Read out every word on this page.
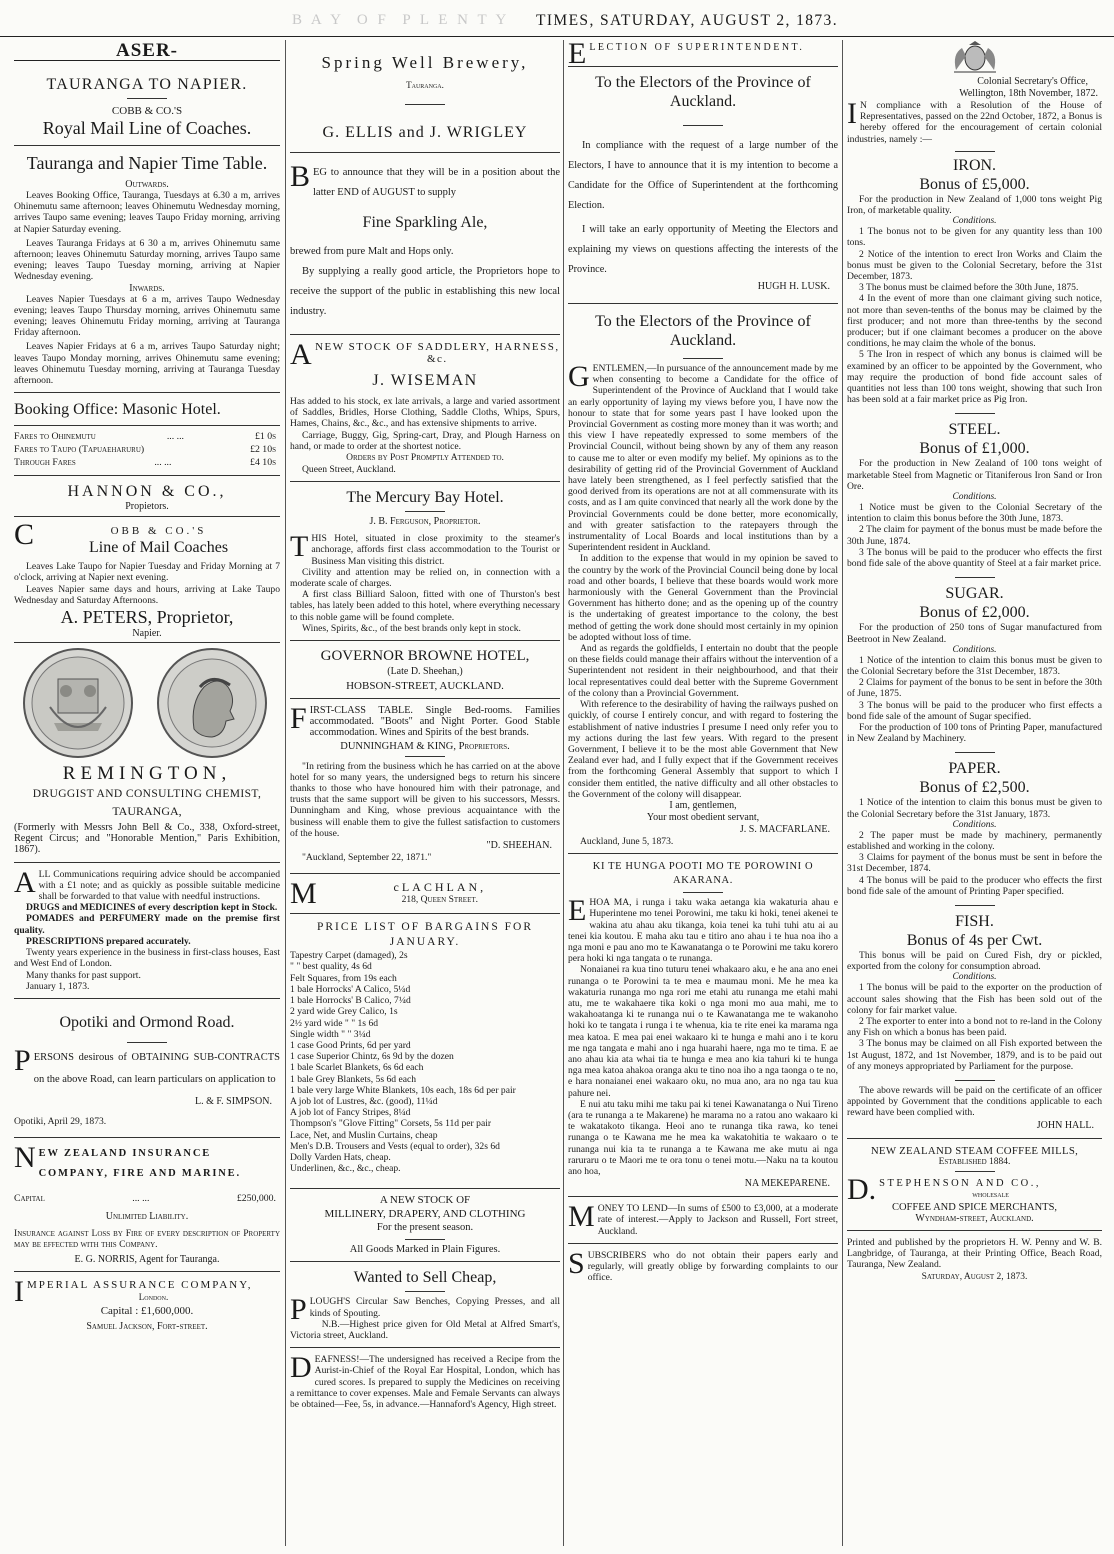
B A Y  O F  P L E N T Y TIMES, SATURDAY, AUGUST 2, 1873.
ASER-

TAURANGA TO NAPIER.

COBB & CO.'S

Royal Mail Line of Coaches.

Tauranga and Napier Time Table.

Outwards.

Leaves Booking Office, Tauranga, Tuesdays at 6.30 a m, arrives Ohinemutu same afternoon; leaves Ohinemutu Wednesday morning, arrives Taupo same evening; leaves Taupo Friday morning, arriving at Napier Saturday evening.

Leaves Tauranga Fridays at 6 30 a m, arrives Ohinemutu same afternoon; leaves Ohinemutu Saturday morning, arrives Taupo same evening; leaves Taupo Tuesday morning, arriving at Napier Wednesday evening.

Inwards.

Leaves Napier Tuesdays at 6 a m, arrives Taupo Wednesday evening; leaves Taupo Thursday morning, arrives Ohinemutu same evening; leaves Ohinemutu Friday morning, arriving at Tauranga Friday afternoon.

Leaves Napier Fridays at 6 a m, arrives Taupo Saturday night; leaves Taupo Monday morning, arrives Ohinemutu same evening; leaves Ohinemutu Tuesday morning, arriving at Tauranga Tuesday afternoon.

Booking Office: Masonic Hotel.

Fares to Ohinemutu	... ...	£1 0s
Fares to Taupo (Tapuaeharuru)	£2 10s
Through Fares	... ...	£4 10s

HANNON & CO.,

Propietors.

C	OBB & CO.'S

Line of Mail Coaches

Leaves Lake Taupo for Napier Tuesday and Friday Morning at 7 o'clock, arriving at Napier next evening.

Leaves Napier same days and hours, arriving at Lake Taupo Wednesday and Saturday Afternoons.

A. PETERS, Proprietor,

Napier.

REMINGTON,

DRUGGIST AND CONSULTING CHEMIST,

TAURANGA,

(Formerly with Messrs John Bell & Co., 338, Oxford-street, Regent Circus; and "Honorable Mention," Paris Exhibition, 1867).

A LL Communications requiring advice should be accompanied with a £1 note; and as quickly as possible suitable medicine shall be forwarded to that value with needful instructions.

DRUGS and MEDICINES of every description kept in Stock.

POMADES and PERFUMERY made on the premise first quality.

PRESCRIPTIONS prepared accurately.

Twenty years experience in the business in first-class houses, East and West End of London.

Many thanks for past support.

January 1, 1873.

Opotiki and Ormond Road.

P ERSONS desirous of OBTAINING SUB-CONTRACTS on the above Road, can learn particulars on application to

L. & F. SIMPSON.

Opotiki, April 29, 1873.

N EW ZEALAND INSURANCE COMPANY, FIRE AND MARINE.

Capital	... ...	£250,000.

Unlimited Liability.

Insurance against Loss by Fire of every description of Property may be effected with this Company.

E. G. NORRIS, Agent for Tauranga.

I MPERIAL ASSURANCE COMPANY,

London.

Capital : £1,600,000.

Samuel Jackson, Fort-street.

Spring Well Brewery,

Tauranga.

G. ELLIS and J. WRIGLEY

B EG to announce that they will be in a position about the latter END of AUGUST to supply

Fine Sparkling Ale,

brewed from pure Malt and Hops only.

By supplying a really good article, the Proprietors hope to receive the support of the public in establishing this new local industry.

A NEW STOCK OF SADDLERY, HARNESS, &c.

J. WISEMAN

Has added to his stock, ex late arrivals, a large and varied assortment of Saddles, Bridles, Horse Clothing, Saddle Cloths, Whips, Spurs, Hames, Chains, &c., &c., and has extensive shipments to arrive.

Carriage, Buggy, Gig, Spring-cart, Dray, and Plough Harness on hand, or made to order at the shortest notice.

Orders by Post Promptly Attended to.

Queen Street, Auckland.

The Mercury Bay Hotel.

J. B. Ferguson, Proprietor.

T HIS Hotel, situated in close proximity to the steamer's anchorage, affords first class accommodation to the Tourist or Business Man visiting this district.

Civility and attention may be relied on, in connection with a moderate scale of charges.

A first class Billiard Saloon, fitted with one of Thurston's best tables, has lately been added to this hotel, where everything necessary to this noble game will be found complete.

Wines, Spirits, &c., of the best brands only kept in stock.

GOVERNOR BROWNE HOTEL,

(Late D. Sheehan,)

HOBSON-STREET, AUCKLAND.

F IRST-CLASS TABLE. Single Bed-rooms. Families accommodated. "Boots" and Night Porter. Good Stable accommodation. Wines and Spirits of the best brands.

DUNNINGHAM & KING, Proprietors.

"In retiring from the business which he has carried on at the above hotel for so many years, the undersigned begs to return his sincere thanks to those who have honoured him with their patronage, and trusts that the same support will be given to his successors, Messrs. Dunningham and King, whose previous acquaintance with the business will enable them to give the fullest satisfaction to customers of the house.

"D. SHEEHAN.

"Auckland, September 22, 1871."

M	cLACHLAN,

218, Queen Street.

PRICE LIST OF BARGAINS FOR JANUARY.

Tapestry Carpet (damaged), 2s

" " best quality, 4s 6d

Felt Squares, from 19s each

1 bale Horrocks' A Calico, 5¼d

1 bale Horrocks' B Calico, 7¼d

2 yard wide Grey Calico, 1s

2½ yard wide " " 1s 6d

Single width " " 3¼d

1 case Good Prints, 6d per yard

1 case Superior Chintz, 6s 9d by the dozen

1 bale Scarlet Blankets, 6s 6d each

1 bale Grey Blankets, 5s 6d each

1 bale very large White Blankets, 10s each, 18s 6d per pair

A job lot of Lustres, &c. (good), 11¼d

A job lot of Fancy Stripes, 8¼d

Thompson's "Glove Fitting" Corsets, 5s 11d per pair

Lace, Net, and Muslin Curtains, cheap

Men's D.B. Trousers and Vests (equal to order), 32s 6d

Dolly Varden Hats, cheap.

Underlinen, &c., &c., cheap.

A NEW STOCK OF

MILLINERY, DRAPERY, AND CLOTHING

For the present season.

All Goods Marked in Plain Figures.

Wanted to Sell Cheap,

P LOUGH'S Circular Saw Benches, Copying Presses, and all kinds of Spouting.

N.B.—Highest price given for Old Metal at Alfred Smart's, Victoria street, Auckland.

D EAFNESS!—The undersigned has received a Recipe from the Aurist-in-Chief of the Royal Ear Hospital, London, which has cured scores. Is prepared to supply the Medicines on receiving a remittance to cover expenses. Male and Female Servants can always be obtained—Fee, 5s, in advance.—Hannaford's Agency, High street.

E LECTION OF SUPERINTENDENT.

To the Electors of the Province of Auckland.

In compliance with the request of a large number of the Electors, I have to announce that it is my intention to become a Candidate for the Office of Superintendent at the forthcoming Election.

I will take an early opportunity of Meeting the Electors and explaining my views on questions affecting the interests of the Province.

HUGH H. LUSK.

To the Electors of the Province of Auckland.

G ENTLEMEN,—In pursuance of the announcement made by me when consenting to become a Candidate for the office of Superintendent of the Province of Auckland that I would take an early opportunity of laying my views before you, I have now the honour to state that for some years past I have looked upon the Provincial Government as costing more money than it was worth; and this view I have repeatedly expressed to some members of the Provincial Council, without being shown by any of them any reason to cause me to alter or even modify my belief. My opinions as to the desirability of getting rid of the Provincial Government of Auckland have lately been strengthened, as I feel perfectly satisfied that the good derived from its operations are not at all commensurate with its costs, and as I am quite convinced that nearly all the work done by the Provincial Governments could be done better, more economically, and with greater satisfaction to the ratepayers through the instrumentality of Local Boards and local institutions than by a Superintendent resident in Auckland.

In addition to the expense that would in my opinion be saved to the country by the work of the Provincial Council being done by local road and other boards, I believe that these boards would work more harmoniously with the General Government than the Provincial Government has hitherto done; and as the opening up of the country is the undertaking of greatest importance to the colony, the best method of getting the work done should most certainly in my opinion be adopted without loss of time.

And as regards the goldfields, I entertain no doubt that the people on these fields could manage their affairs without the intervention of a Superintendent not resident in their neighbourhood, and that their local representatives could deal better with the Supreme Government of the colony than a Provincial Government.

With reference to the desirability of having the railways pushed on quickly, of course I entirely concur, and with regard to fostering the establishment of native industries I presume I need only refer you to my actions during the last few years. With regard to the present Government, I believe it to be the most able Government that New Zealand ever had, and I fully expect that if the Government receives from the forthcoming General Assembly that support to which I consider them entitled, the native difficulty and all other obstacles to the Government of the colony will disappear.

I am, gentlemen,

Your most obedient servant,

J. S. MACFARLANE.

Auckland, June 5, 1873.

KI TE HUNGA POOTI MO TE POROWINI O AKARANA.

E HOA MA, i runga i taku waka aetanga kia wakaturia ahau e Huperintene mo tenei Porowini, me taku ki hoki, tenei akenei te wakina atu ahau aku tikanga, koia tenei ka tuhi tuhi atu ai au tenei kia koutou. E maha aku tau e titiro ano ahau i te hua noa iho a nga moni e pau ano mo te Kawanatanga o te Porowini me taku korero pera hoki ki nga tangata o te runanga.

Nonaianei ra kua tino tuturu tenei whakaaro aku, e he ana ano enei runanga o te Porowini ta te mea e maumau moni. Me he mea ka wakaturia runanga mo nga rori me etahi atu runanga me etahi mahi atu, me te wakahaere tika koki o nga moni mo aua mahi, me to wakahoatanga ki te runanga nui o te Kawanatanga me te wakanoho hoki ko te tangata i runga i te whenua, kia te rite enei ka marama nga mea katoa. E mea pai enei wakaaro ki te hunga e mahi ano i te koru me nga tangata e mahi ano i nga huarahi haere, nga mo te tima. E ae ano ahau kia ata whai tia te hunga e mea ano kia tahuri ki te hunga nga mea katoa ahakoa oranga aku te tino noa iho a nga taonga o te no, e hara nonaianei enei wakaaro oku, no mua ano, ara no nga tau kua pahure nei.

E nui atu taku mihi me taku pai ki tenei Kawanatanga o Nui Tireno (ara te runanga a te Makarene) he marama no a ratou ano wakaaro ki te wakatakoto tikanga. Heoi ano te runanga tika rawa, ko tenei runanga o te Kawana me he mea ka wakatohitia te wakaaro o te runanga nui kia ta te runanga a te Kawana me ake mutu ai nga raruraru o te Maori me te ora tonu o tenei motu.—Naku na ta koutou ano hoa,

NA MEKEPARENE.

M ONEY TO LEND—In sums of £500 to £3,000, at a moderate rate of interest.—Apply to Jackson and Russell, Fort street, Auckland.

S UBSCRIBERS who do not obtain their papers early and regularly, will greatly oblige by forwarding complaints to our office.

Colonial Secretary's Office,

Wellington, 18th November, 1872.

I N compliance with a Resolution of the House of Representatives, passed on the 22nd October, 1872, a Bonus is hereby offered for the encouragement of certain colonial industries, namely :—

IRON.

Bonus of £5,000.

For the production in New Zealand of 1,000 tons weight Pig Iron, of marketable quality.

Conditions.

1 The bonus not to be given for any quantity less than 100 tons.

2 Notice of the intention to erect Iron Works and Claim the bonus must be given to the Colonial Secretary, before the 31st December, 1873.

3 The bonus must be claimed before the 30th June, 1875.

4 In the event of more than one claimant giving such notice, not more than seven-tenths of the bonus may be claimed by the first producer; and not more than three-tenths by the second producer; but if one claimant becomes a producer on the above conditions, he may claim the whole of the bonus.

5 The Iron in respect of which any bonus is claimed will be examined by an officer to be appointed by the Government, who may require the production of bond fide account sales of quantities not less than 100 tons weight, showing that such Iron has been sold at a fair market price as Pig Iron.

STEEL.

Bonus of £1,000.

For the production in New Zealand of 100 tons weight of marketable Steel from Magnetic or Titaniferous Iron Sand or Iron Ore.

Conditions.

1 Notice must be given to the Colonial Secretary of the intention to claim this bonus before the 30th June, 1873.

2 The claim for payment of the bonus must be made before the 30th June, 1874.

3 The bonus will be paid to the producer who effects the first bond fide sale of the above quantity of Steel at a fair market price.

SUGAR.

Bonus of £2,000.

For the production of 250 tons of Sugar manufactured from Beetroot in New Zealand.

Conditions.

1 Notice of the intention to claim this bonus must be given to the Colonial Secretary before the 31st December, 1873.

2 Claims for payment of the bonus to be sent in before the 30th of June, 1875.

3 The bonus will be paid to the producer who first effects a bond fide sale of the amount of Sugar specified.

For the production of 100 tons of Printing Paper, manufactured in New Zealand by Machinery.

PAPER.

Bonus of £2,500.

1 Notice of the intention to claim this bonus must be given to the Colonial Secretary before the 31st January, 1873.

Conditions.

2 The paper must be made by machinery, permanently established and working in the colony.

3 Claims for payment of the bonus must be sent in before the 31st December, 1874.

4 The bonus will be paid to the producer who effects the first bond fide sale of the amount of Printing Paper specified.

FISH.

Bonus of 4s per Cwt.

This bonus will be paid on Cured Fish, dry or pickled, exported from the colony for consumption abroad.

Conditions.

1 The bonus will be paid to the exporter on the production of account sales showing that the Fish has been sold out of the colony for fair market value.

2 The exporter to enter into a bond not to re-land in the Colony any Fish on which a bonus has been paid.

3 The bonus may be claimed on all Fish exported between the 1st August, 1872, and 1st November, 1879, and is to be paid out of any moneys appropriated by Parliament for the purpose.

The above rewards will be paid on the certificate of an officer appointed by Government that the conditions applicable to each reward have been complied with.

JOHN HALL.

NEW ZEALAND STEAM COFFEE MILLS,

Established 1884.

D. STEPHENSON AND CO.,

wholesale

COFFEE AND SPICE MERCHANTS,

Wyndham-street, Auckland.

Printed and published by the proprietors H. W. Penny and W. B. Langbridge, of Tauranga, at their Printing Office, Beach Road, Tauranga, New Zealand.

Saturday, August 2, 1873.
